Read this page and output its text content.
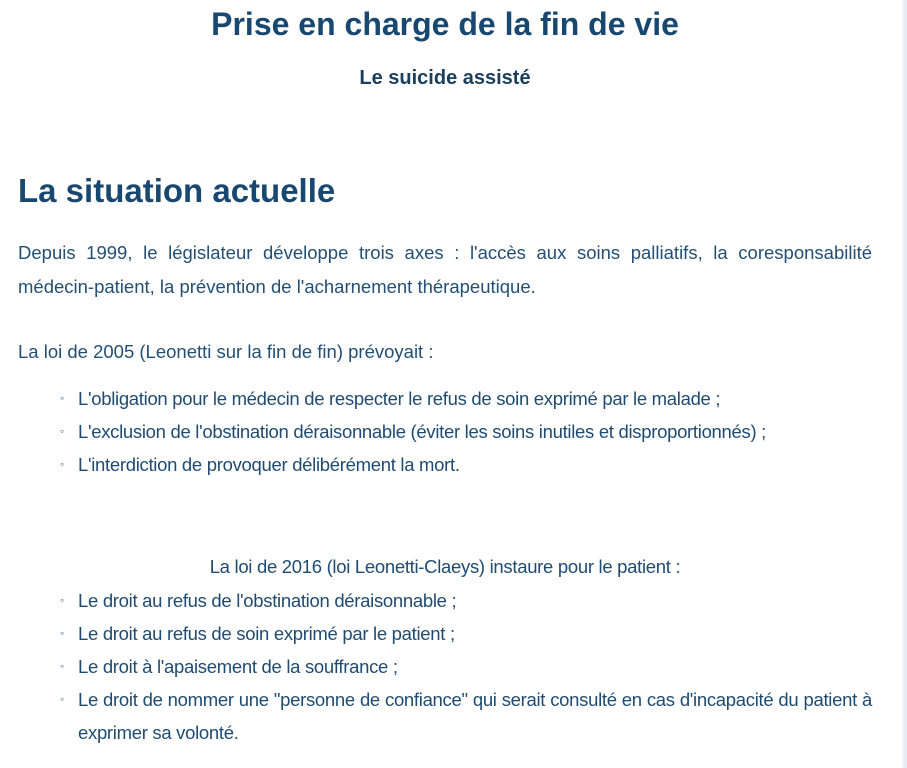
Prise en charge de la fin de vie
Le suicide assisté
La situation actuelle

Depuis 1999, le législateur développe trois axes : l'accès aux soins palliatifs, la coresponsabilité médecin-patient, la prévention de l'acharnement thérapeutique.

La loi de 2005 (Leonetti sur la fin de fin) prévoyait :

◦ L'obligation pour le médecin de respecter le refus de soin exprimé par le malade ;
◦ L'exclusion de l'obstination déraisonnable (éviter les soins inutiles et disproportionnés) ;
◦ L'interdiction de provoquer délibérément la mort.

La loi de 2016 (loi Leonetti-Claeys) instaure pour le patient :

◦ Le droit au refus de l'obstination déraisonnable ;
◦ Le droit au refus de soin exprimé par le patient ;
◦ Le droit à l'apaisement de la souffrance ;
◦ Le droit de nommer une "personne de confiance" qui serait consulté en cas d'incapacité du patient à exprimer sa volonté.
